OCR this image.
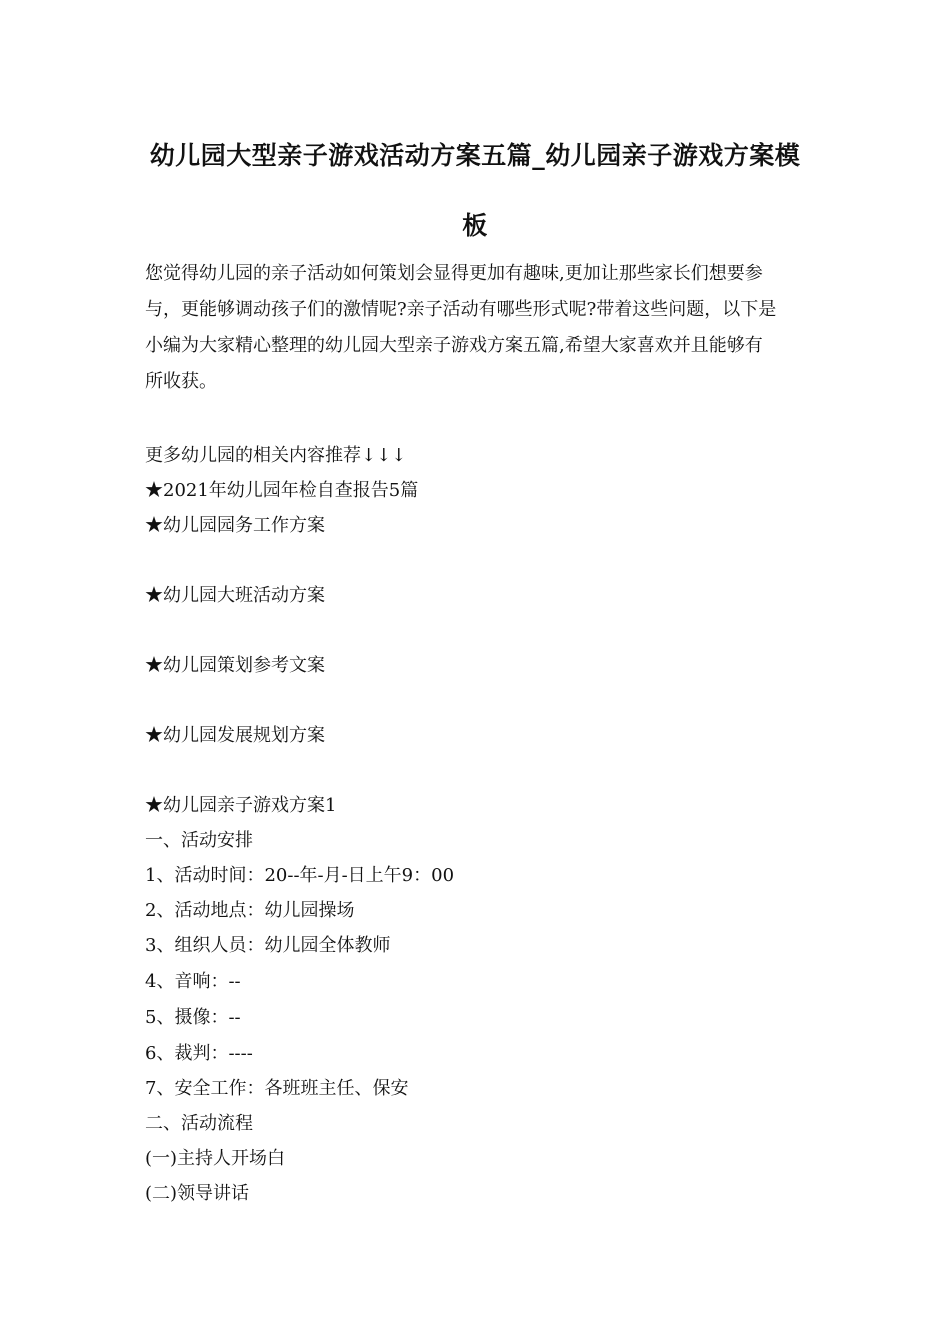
幼儿园大型亲子游戏活动方案五篇_幼儿园亲子游戏方案模
板
您觉得幼儿园的亲子活动如何策划会显得更加有趣味,更加让那些家长们想要参
与，更能够调动孩子们的激情呢?亲子活动有哪些形式呢?带着这些问题，以下是
小编为大家精心整理的幼儿园大型亲子游戏方案五篇,希望大家喜欢并且能够有
所收获。
更多幼儿园的相关内容推荐↓↓↓
★2021年幼儿园年检自查报告5篇
★幼儿园园务工作方案
★幼儿园大班活动方案
★幼儿园策划参考文案
★幼儿园发展规划方案
★幼儿园亲子游戏方案1
一、活动安排
1、活动时间：20--年-月-日上午9：00
2、活动地点：幼儿园操场
3、组织人员：幼儿园全体教师
4、音响：--
5、摄像：--
6、裁判：----
7、安全工作：各班班主任、保安
二、活动流程
(一)主持人开场白
(二)领导讲话
